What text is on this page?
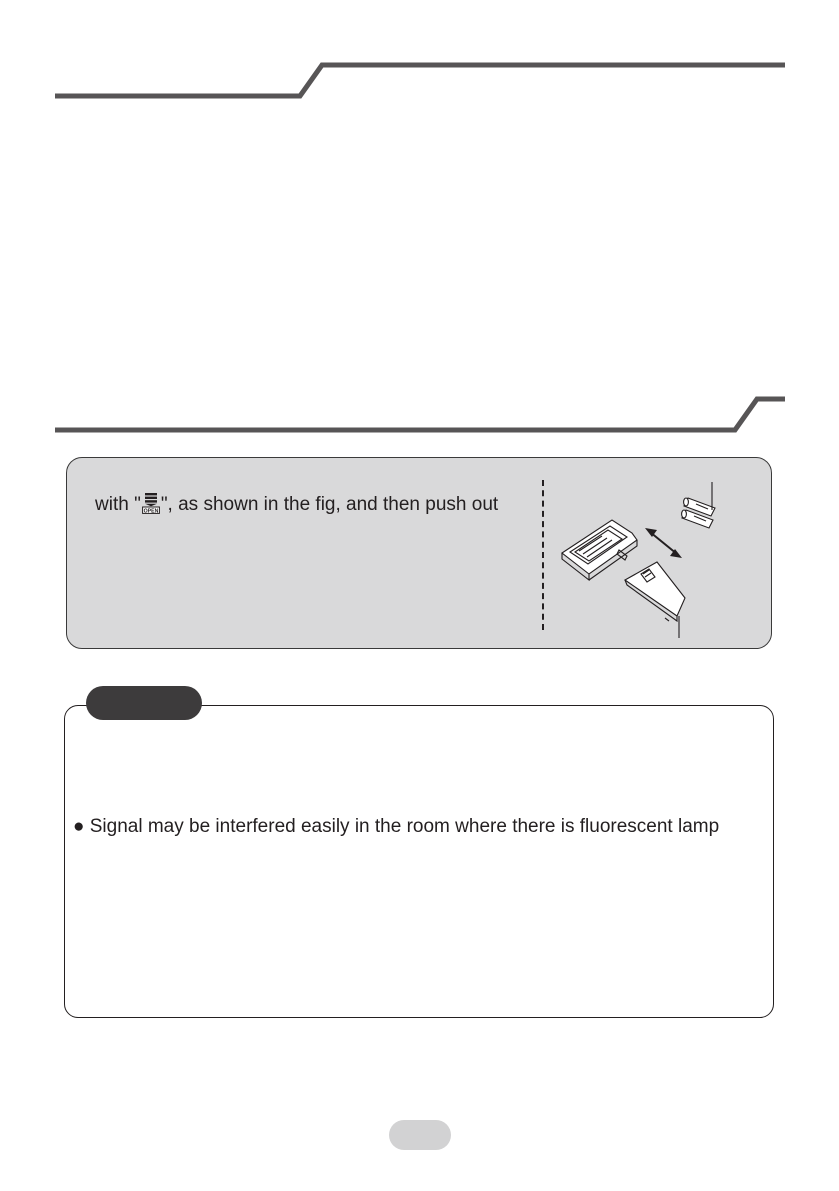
with " OPEN ", as shown in the fig, and then push out
● Signal may be interfered easily in the room where there is fluorescent lamp
